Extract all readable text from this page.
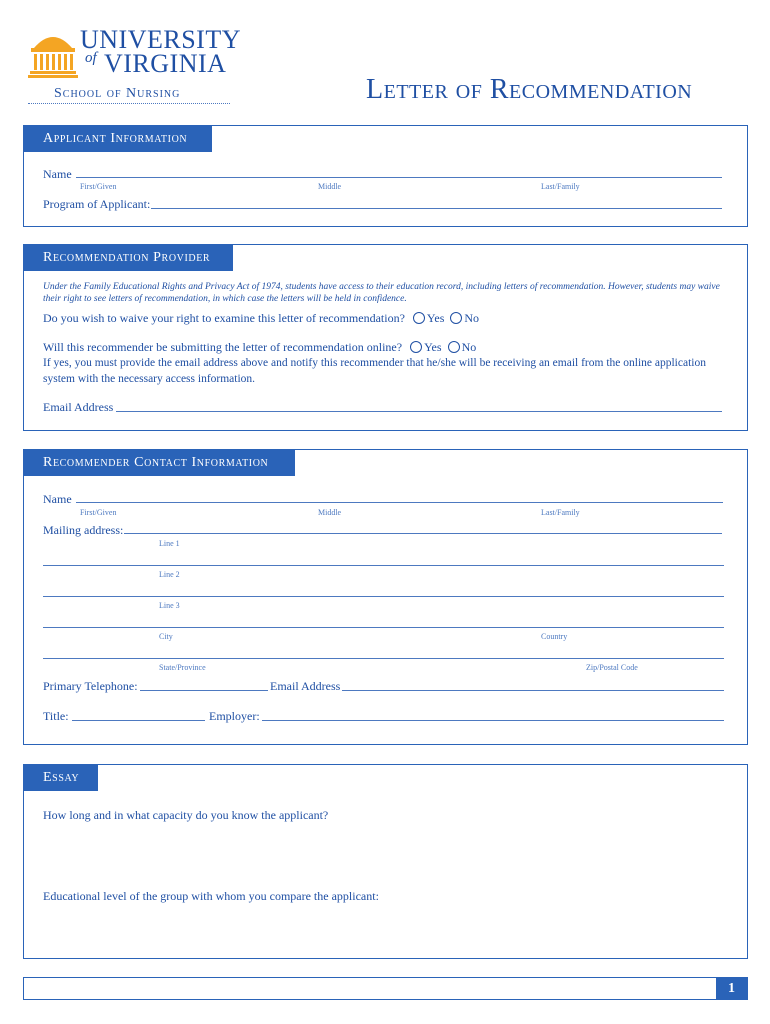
UNIVERSITY
of VIRGINIA
School of Nursing	Letter of Recommendation
Applicant Information
Name
First/Given	Middle	Last/Family
Program of Applicant:
Recommendation Provider
Under the Family Educational Rights and Privacy Act of 1974, students have access to their education record, including letters of recommendation. However, students may waive their right to see letters of recommendation, in which case the letters will be held in confidence.
Do you wish to waive your right to examine this letter of recommendation? Yes No
Will this recommender be submitting the letter of recommendation online? Yes No
If yes, you must provide the email address above and notify this recommender that he/she will be receiving an email from the online application system with the necessary access information.
Email Address
Recommender Contact Information
Name
First/Given	Middle	Last/Family
Mailing address:
Line 1
Line 2
Line 3
City	Country
State/Province	Zip/Postal Code
Primary Telephone:	Email Address
Title:	Employer:
Essay
How long and in what capacity do you know the applicant?
Educational level of the group with whom you compare the applicant:
1
